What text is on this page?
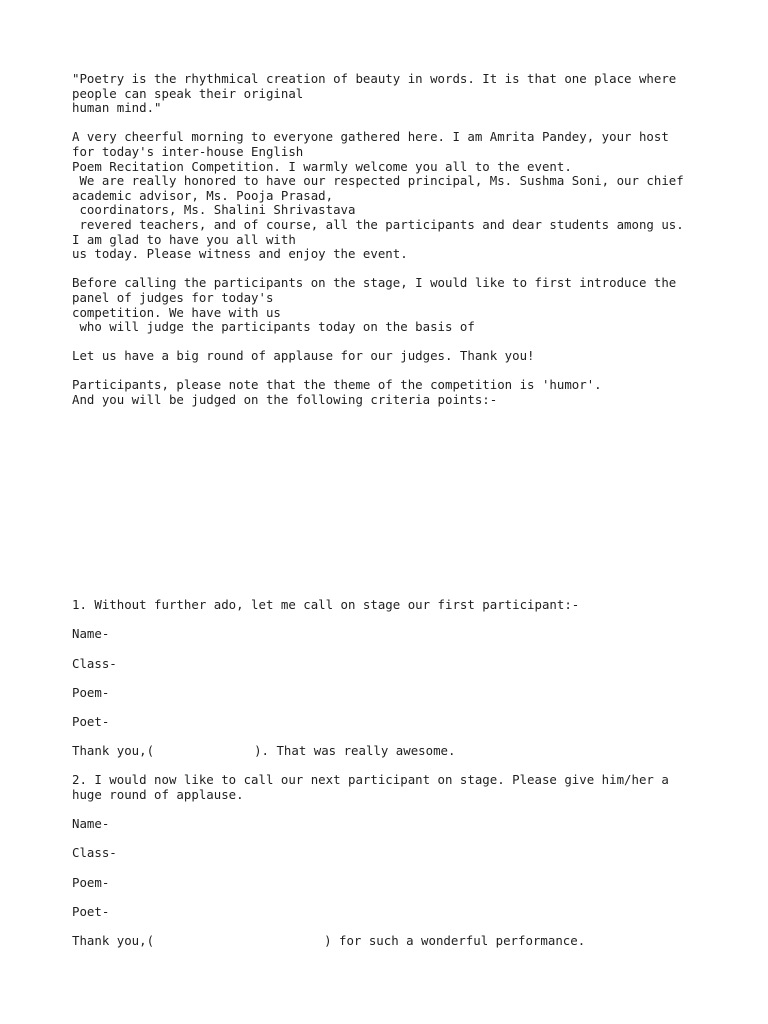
"Poetry is the rhythmical creation of beauty in words. It is that one place where
people can speak their original
human mind."

A very cheerful morning to everyone gathered here. I am Amrita Pandey, your host
for today's inter-house English
Poem Recitation Competition. I warmly welcome you all to the event.
We are really honored to have our respected principal, Ms. Sushma Soni, our chief
academic advisor, Ms. Pooja Prasad,
coordinators, Ms. Shalini Shrivastava
revered teachers, and of course, all the participants and dear students among us.
I am glad to have you all with
us today. Please witness and enjoy the event.

Before calling the participants on the stage, I would like to first introduce the
panel of judges for today's
competition. We have with us
who will judge the participants today on the basis of

Let us have a big round of applause for our judges. Thank you!

Participants, please note that the theme of the competition is 'humor'.
And you will be judged on the following criteria points:-

1. Without further ado, let me call on stage our first participant:-

Name-

Class-

Poem-

Poet-

Thank you,(	). That was really awesome.

2. I would now like to call our next participant on stage. Please give him/her a
huge round of applause.

Name-

Class-

Poem-

Poet-

Thank you,(	) for such a wonderful performance.
